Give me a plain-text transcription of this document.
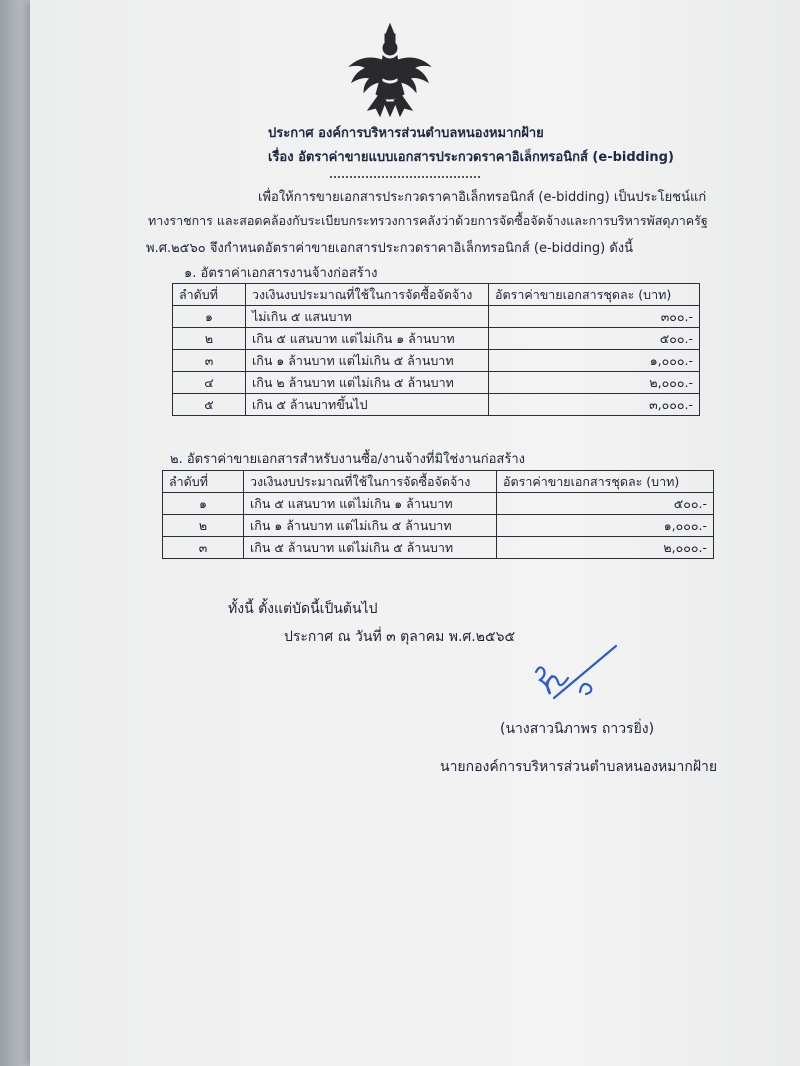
ประกาศ องค์การบริหารส่วนตำบลหนองหมากฝ้าย
เรื่อง อัตราค่าขายแบบเอกสารประกวดราคาอิเล็กทรอนิกส์ (e-bidding)
เพื่อให้การขายเอกสารประกวดราคาอิเล็กทรอนิกส์ (e-bidding) เป็นประโยชน์แก่
ทางราชการ และสอดคล้องกับระเบียบกระทรวงการคลังว่าด้วยการจัดซื้อจัดจ้างและการบริหารพัสดุภาครัฐ
พ.ศ.๒๕๖๐ จึงกำหนดอัตราค่าขายเอกสารประกวดราคาอิเล็กทรอนิกส์ (e-bidding) ดังนี้
๑. อัตราค่าเอกสารงานจ้างก่อสร้าง
ลำดับที่	วงเงินงบประมาณที่ใช้ในการจัดซื้อจัดจ้าง	อัตราค่าขายเอกสารชุดละ (บาท)
๑	ไม่เกิน ๕ แสนบาท	๓๐๐.-
๒	เกิน ๕ แสนบาท แต่ไม่เกิน ๑ ล้านบาท	๕๐๐.-
๓	เกิน ๑ ล้านบาท แต่ไม่เกิน ๕ ล้านบาท	๑,๐๐๐.-
๔	เกิน ๒ ล้านบาท แต่ไม่เกิน ๕ ล้านบาท	๒,๐๐๐.-
๕	เกิน ๕ ล้านบาทขึ้นไป	๓,๐๐๐.-
๒. อัตราค่าขายเอกสารสำหรับงานซื้อ/งานจ้างที่มิใช่งานก่อสร้าง
ลำดับที่	วงเงินงบประมาณที่ใช้ในการจัดซื้อจัดจ้าง	อัตราค่าขายเอกสารชุดละ (บาท)
๑	เกิน ๕ แสนบาท แต่ไม่เกิน ๑ ล้านบาท	๕๐๐.-
๒	เกิน ๑ ล้านบาท แต่ไม่เกิน ๕ ล้านบาท	๑,๐๐๐.-
๓	เกิน ๕ ล้านบาท แต่ไม่เกิน ๕ ล้านบาท	๒,๐๐๐.-
ทั้งนี้ ตั้งแต่บัดนี้เป็นต้นไป
ประกาศ ณ วันที่ ๓ ตุลาคม พ.ศ.๒๕๖๕
(นางสาวนิภาพร ถาวรยิ่ง)
นายกองค์การบริหารส่วนตำบลหนองหมากฝ้าย
